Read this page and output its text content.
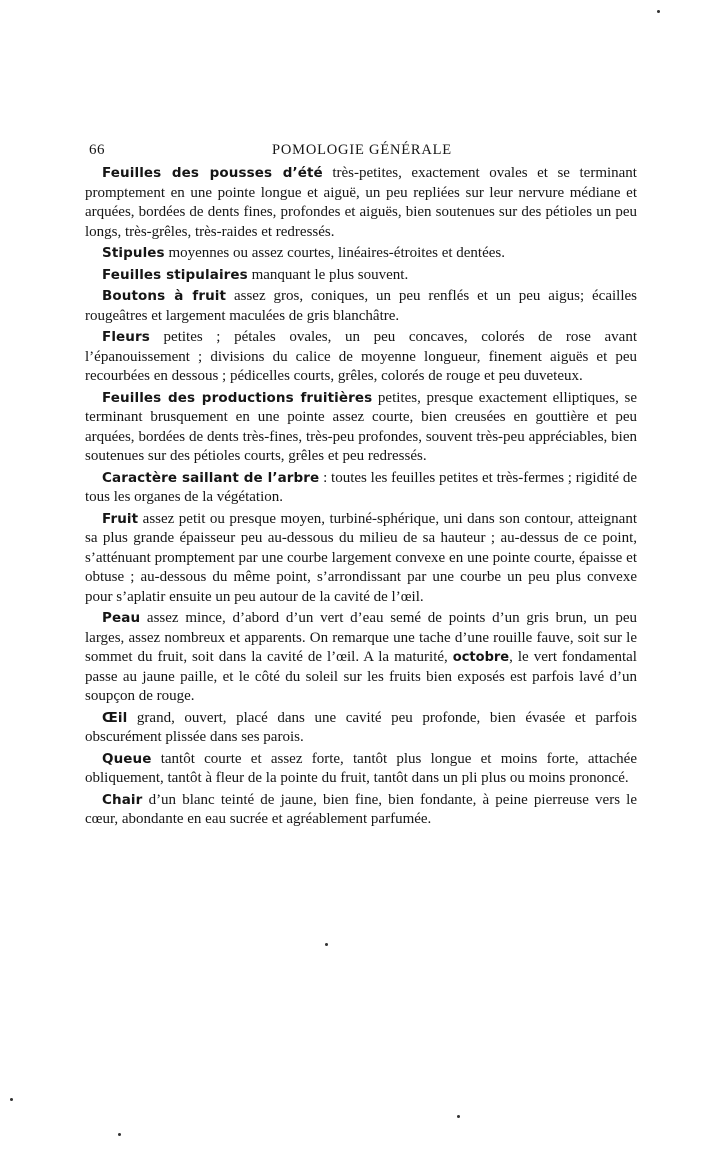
66	POMOLOGIE GÉNÉRALE

Feuilles des pousses d’été très-petites, exactement ovales et se terminant promptement en une pointe longue et aiguë, un peu repliées sur leur nervure médiane et arquées, bordées de dents fines, profondes et aiguës, bien soutenues sur des pétioles un peu longs, très-grêles, très-raides et redressés.

Stipules moyennes ou assez courtes, linéaires-étroites et dentées.

Feuilles stipulaires manquant le plus souvent.

Boutons à fruit assez gros, coniques, un peu renflés et un peu aigus; écailles rougeâtres et largement maculées de gris blanchâtre.

Fleurs petites ; pétales ovales, un peu concaves, colorés de rose avant l’épanouissement ; divisions du calice de moyenne longueur, finement aiguës et peu recourbées en dessous ; pédicelles courts, grêles, colorés de rouge et peu duveteux.

Feuilles des productions fruitières petites, presque exactement elliptiques, se terminant brusquement en une pointe assez courte, bien creusées en gouttière et peu arquées, bordées de dents très-fines, très-peu profondes, souvent très-peu appréciables, bien soutenues sur des pétioles courts, grêles et peu redressés.

Caractère saillant de l’arbre : toutes les feuilles petites et très-fermes ; rigidité de tous les organes de la végétation.

Fruit assez petit ou presque moyen, turbiné-sphérique, uni dans son contour, atteignant sa plus grande épaisseur peu au-dessous du milieu de sa hauteur ; au-dessus de ce point, s’atténuant promptement par une courbe largement convexe en une pointe courte, épaisse et obtuse ; au-dessous du même point, s’arrondissant par une courbe un peu plus convexe pour s’aplatir ensuite un peu autour de la cavité de l’œil.

Peau assez mince, d’abord d’un vert d’eau semé de points d’un gris brun, un peu larges, assez nombreux et apparents. On remarque une tache d’une rouille fauve, soit sur le sommet du fruit, soit dans la cavité de l’œil. A la maturité, octobre, le vert fondamental passe au jaune paille, et le côté du soleil sur les fruits bien exposés est parfois lavé d’un soupçon de rouge.

Œil grand, ouvert, placé dans une cavité peu profonde, bien évasée et parfois obscurément plissée dans ses parois.

Queue tantôt courte et assez forte, tantôt plus longue et moins forte, attachée obliquement, tantôt à fleur de la pointe du fruit, tantôt dans un pli plus ou moins prononcé.

Chair d’un blanc teinté de jaune, bien fine, bien fondante, à peine pierreuse vers le cœur, abondante en eau sucrée et agréablement parfumée.
